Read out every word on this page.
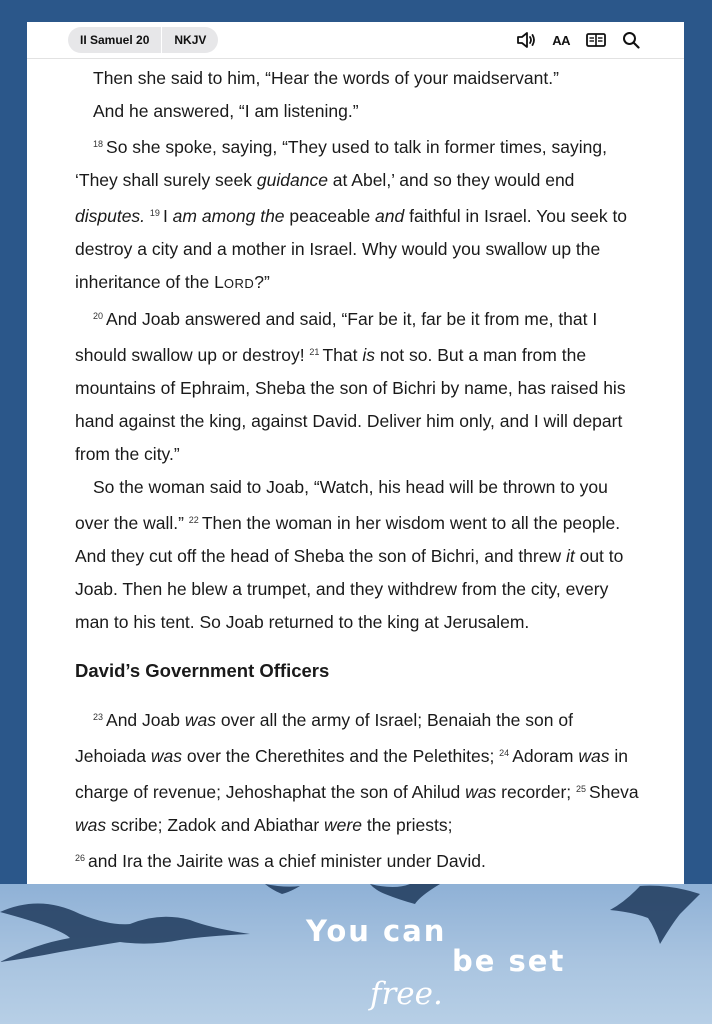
II Samuel 20	NKJV	AA

Then she said to him, “Hear the words of your maidservant.”

And he answered, “I am listening.”

$^{18}$ So she spoke, saying, “They used to talk in former times, saying, ‘They shall surely seek guidance at Abel,’ and so they would end disputes. $^{19}$ I am among the peaceable and faithful in Israel. You seek to destroy a city and a mother in Israel. Why would you swallow up the inheritance of the LORD?”

$^{20}$ And Joab answered and said, “Far be it, far be it from me, that I should swallow up or destroy! $^{21}$ That is not so. But a man from the mountains of Ephraim, Sheba the son of Bichri by name, has raised his hand against the king, against David. Deliver him only, and I will depart from the city.”

So the woman said to Joab, “Watch, his head will be thrown to you over the wall.” $^{22}$ Then the woman in her wisdom went to all the people. And they cut off the head of Sheba the son of Bichri, and threw it out to Joab. Then he blew a trumpet, and they withdrew from the city, every man to his tent. So Joab returned to the king at Jerusalem.

David’s Government Officers

$^{23}$ And Joab was over all the army of Israel; Benaiah the son of Jehoiada was over the Cherethites and the Pelethites; $^{24}$ Adoram was in charge of revenue; Jehoshaphat the son of Ahilud was recorder; $^{25}$ Sheva was scribe; Zadok and Abiathar were the priests;
$^{26}$ and Ira the Jairite was a chief minister under David.

You can
be set
free.
